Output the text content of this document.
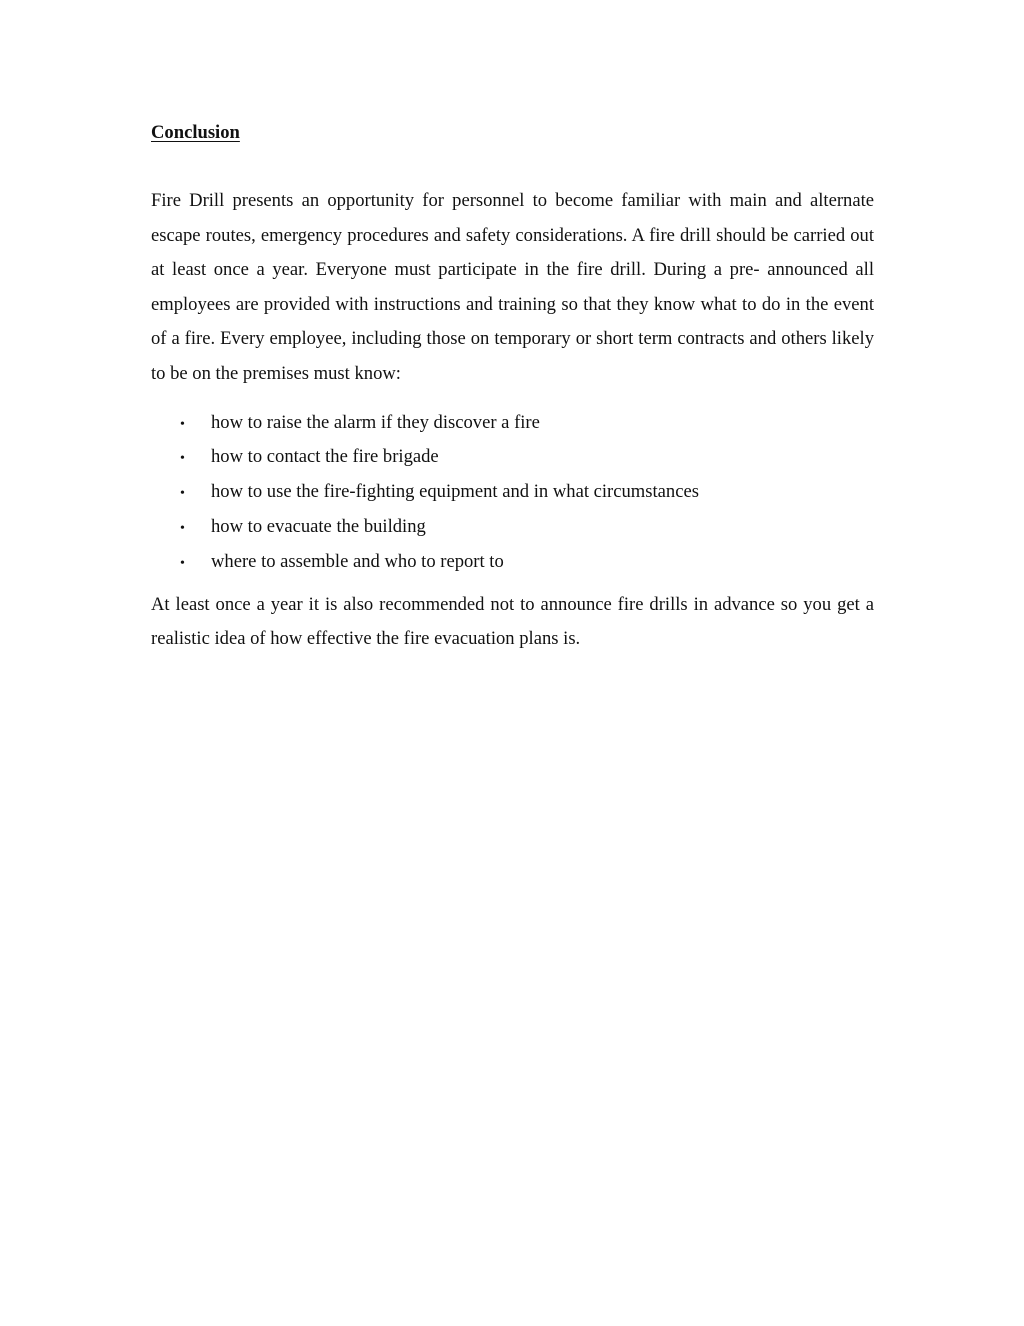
Conclusion

Fire Drill presents an opportunity for personnel to become familiar with main and alternate escape routes, emergency procedures and safety considerations. A fire drill should be carried out at least once a year. Everyone must participate in the fire drill. During a pre- announced all employees are provided with instructions and training so that they know what to do in the event of a fire. Every employee, including those on temporary or short term contracts and others likely to be on the premises must know:

•	how to raise the alarm if they discover a fire
•	how to contact the fire brigade
•	how to use the fire-fighting equipment and in what circumstances
•	how to evacuate the building
•	where to assemble and who to report to

At least once a year it is also recommended not to announce fire drills in advance so you get a realistic idea of how effective the fire evacuation plans is.
